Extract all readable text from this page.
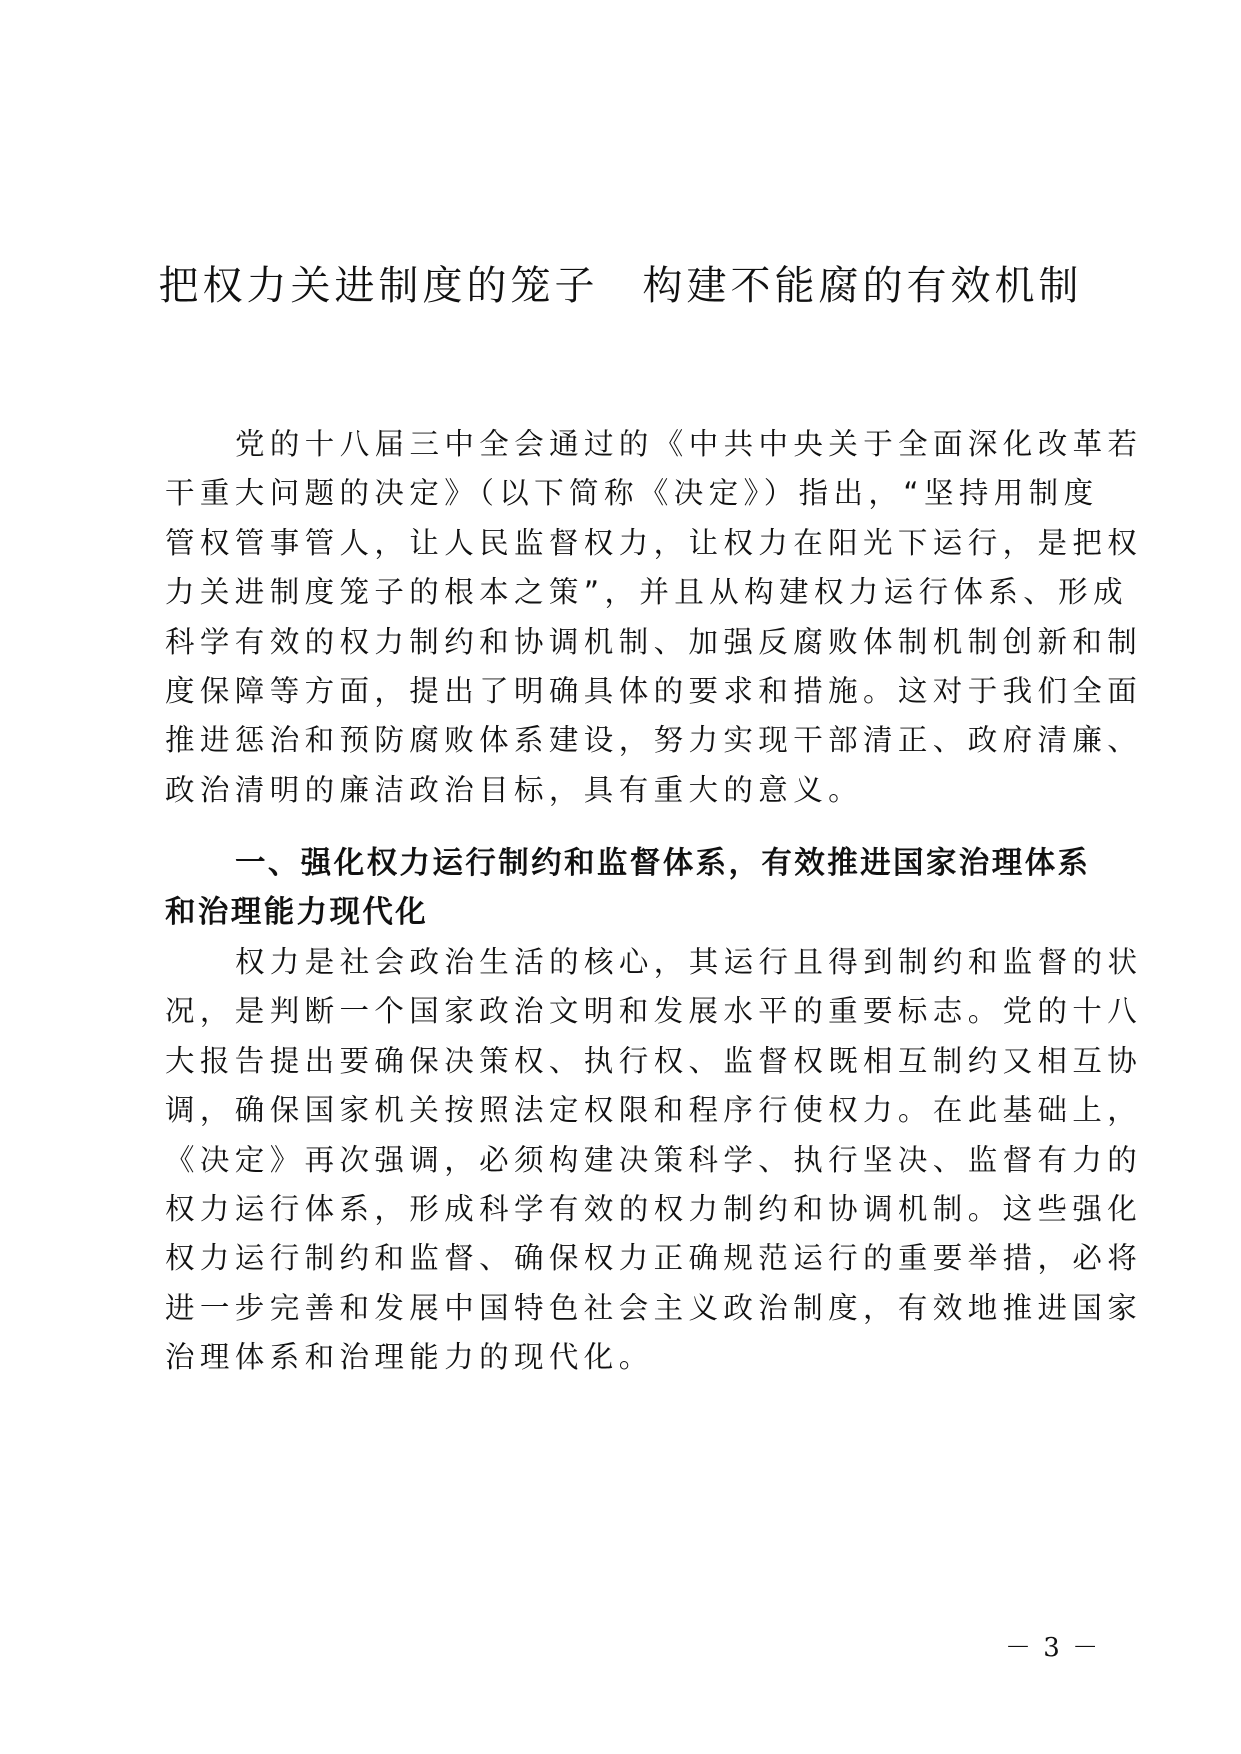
把权力关进制度的笼子　构建不能腐的有效机制
党的十八届三中全会通过的《中共中央关于全面深化改革若
干重大问题的决定》（以下简称《决定》）指出，“坚持用制度
管权管事管人，让人民监督权力，让权力在阳光下运行，是把权
力关进制度笼子的根本之策”，并且从构建权力运行体系、形成
科学有效的权力制约和协调机制、加强反腐败体制机制创新和制
度保障等方面，提出了明确具体的要求和措施。这对于我们全面
推进惩治和预防腐败体系建设，努力实现干部清正、政府清廉、
政治清明的廉洁政治目标，具有重大的意义。
一、强化权力运行制约和监督体系，有效推进国家治理体系
和治理能力现代化
权力是社会政治生活的核心，其运行且得到制约和监督的状
况，是判断一个国家政治文明和发展水平的重要标志。党的十八
大报告提出要确保决策权、执行权、监督权既相互制约又相互协
调，确保国家机关按照法定权限和程序行使权力。在此基础上，
《决定》再次强调，必须构建决策科学、执行坚决、监督有力的
权力运行体系，形成科学有效的权力制约和协调机制。这些强化
权力运行制约和监督、确保权力正确规范运行的重要举措，必将
进一步完善和发展中国特色社会主义政治制度，有效地推进国家
治理体系和治理能力的现代化。
－ 3 －
